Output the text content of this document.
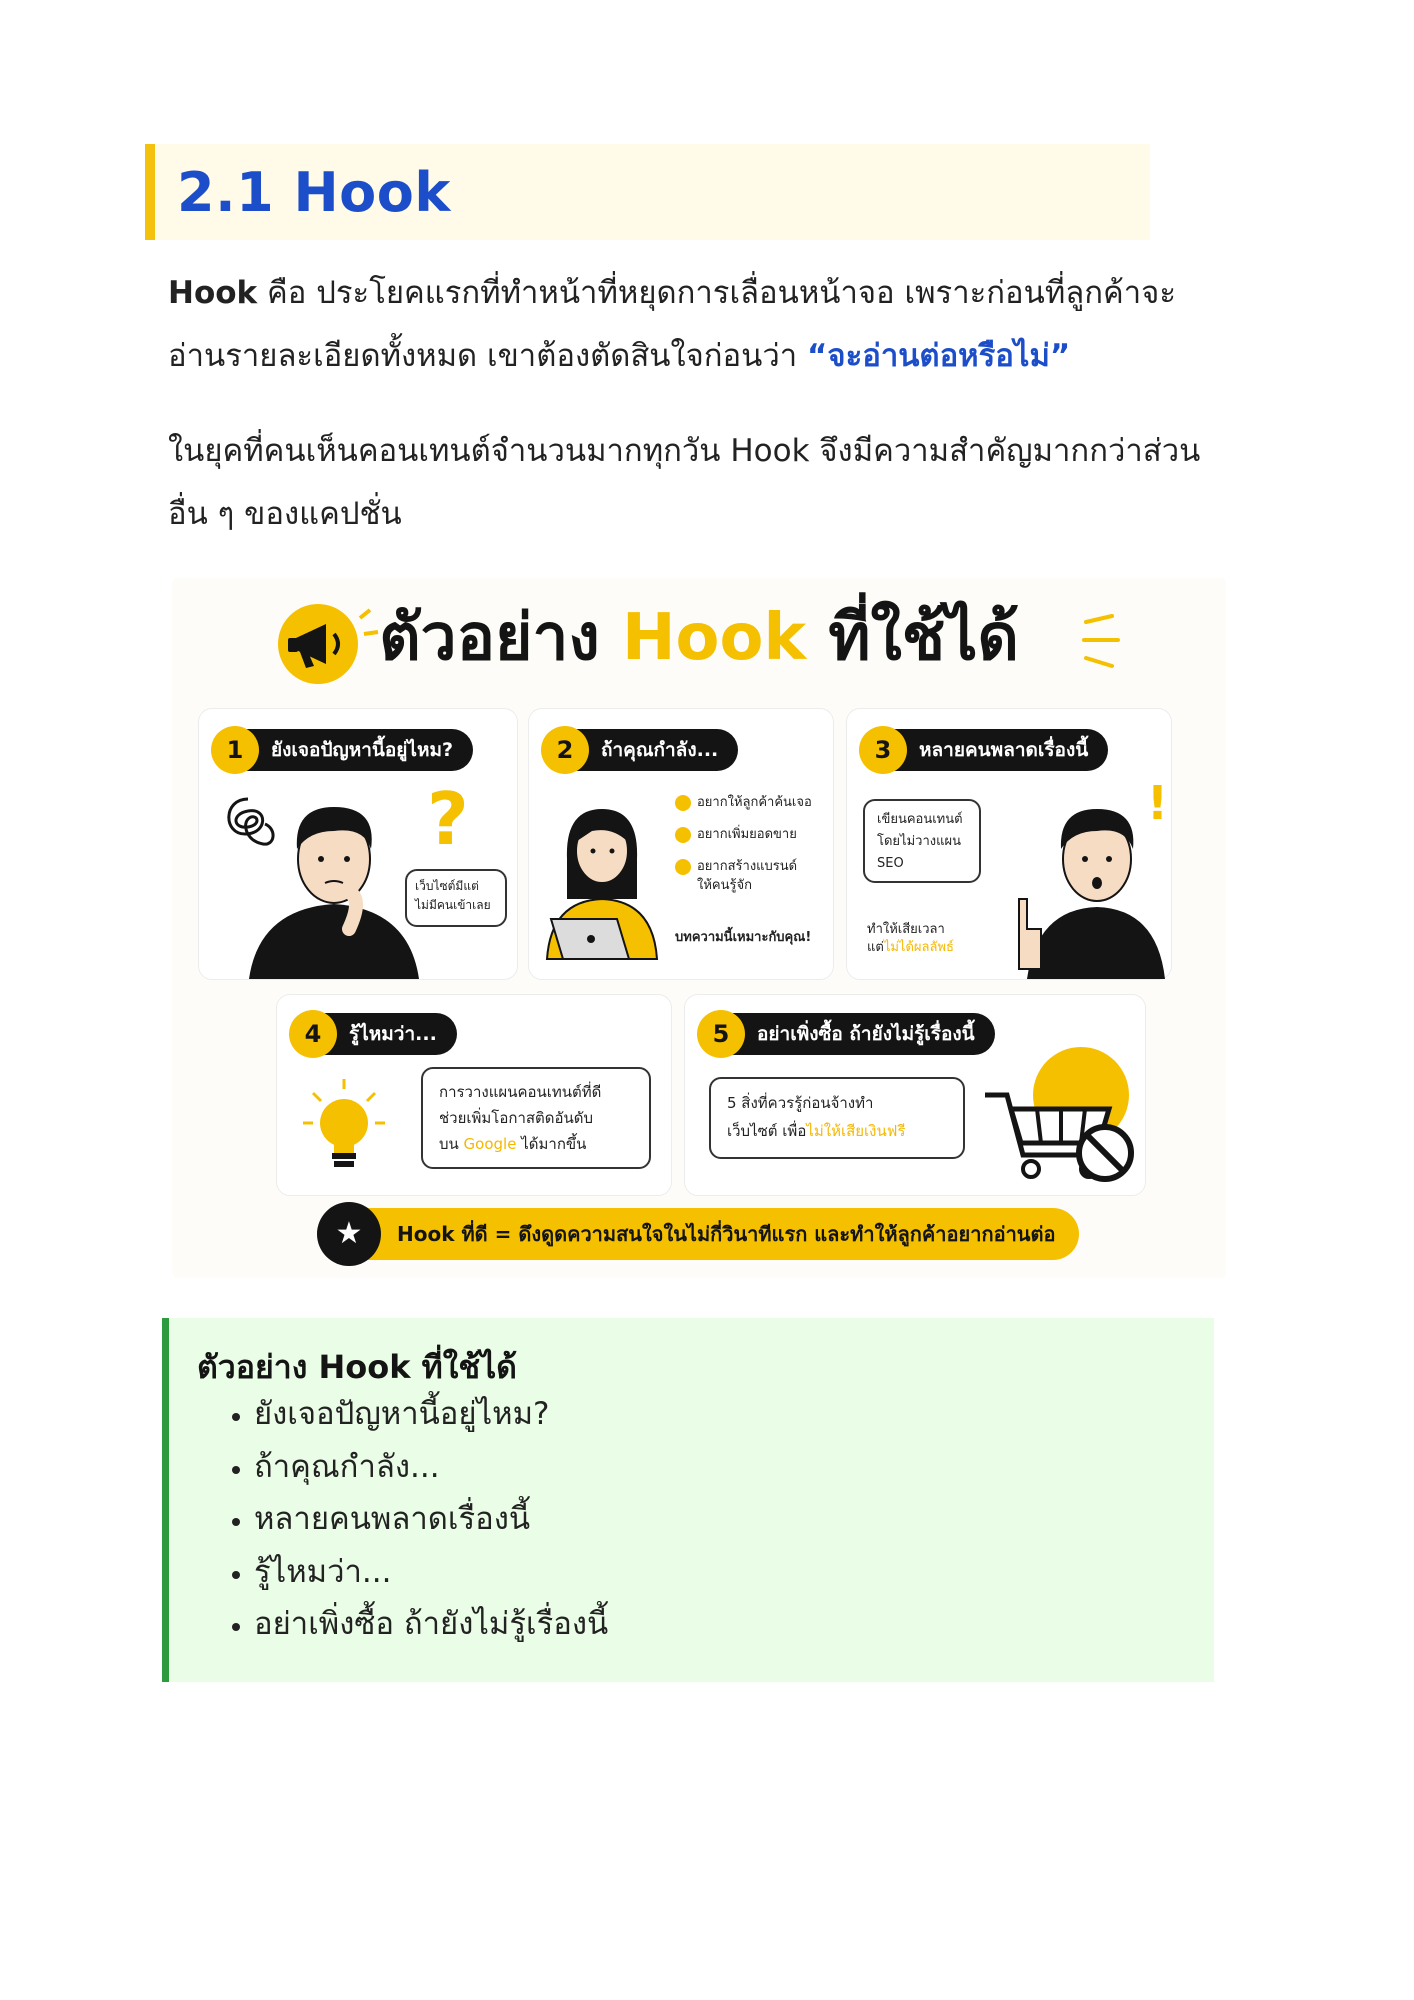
2.1 Hook
Hook คือ ประโยคแรกที่ทำหน้าที่หยุดการเลื่อนหน้าจอ เพราะก่อนที่ลูกค้าจะอ่านรายละเอียดทั้งหมด เขาต้องตัดสินใจก่อนว่า “จะอ่านต่อหรือไม่”
ในยุคที่คนเห็นคอนเทนต์จำนวนมากทุกวัน Hook จึงมีความสำคัญมากกว่าส่วนอื่น ๆ ของแคปชั่น
ตัวอย่าง Hook ที่ใช้ได้
1	ยังเจอปัญหานี้อยู่ไหม?
?
เว็บไซต์มีแต่
ไม่มีคนเข้าเลย
2	ถ้าคุณกำลัง...
อยากให้ลูกค้าค้นเจอ
อยากเพิ่มยอดขาย
อยากสร้างแบรนด์
ให้คนรู้จัก
บทความนี้เหมาะกับคุณ!
3	หลายคนพลาดเรื่องนี้
เขียนคอนเทนต์
โดยไม่วางแผน
SEO
ทำให้เสียเวลา
แต่ไม่ได้ผลลัพธ์
!
4	รู้ไหมว่า...
การวางแผนคอนเทนต์ที่ดี
ช่วยเพิ่มโอกาสติดอันดับ
บน Google ได้มากขึ้น
5	อย่าเพิ่งซื้อ ถ้ายังไม่รู้เรื่องนี้
5 สิ่งที่ควรรู้ก่อนจ้างทำ
เว็บไซต์ เพื่อไม่ให้เสียเงินฟรี
★	Hook ที่ดี = ดึงดูดความสนใจในไม่กี่วินาทีแรก และทำให้ลูกค้าอยากอ่านต่อ
ตัวอย่าง Hook ที่ใช้ได้
• ยังเจอปัญหานี้อยู่ไหม?
• ถ้าคุณกำลัง...
• หลายคนพลาดเรื่องนี้
• รู้ไหมว่า...
• อย่าเพิ่งซื้อ ถ้ายังไม่รู้เรื่องนี้
